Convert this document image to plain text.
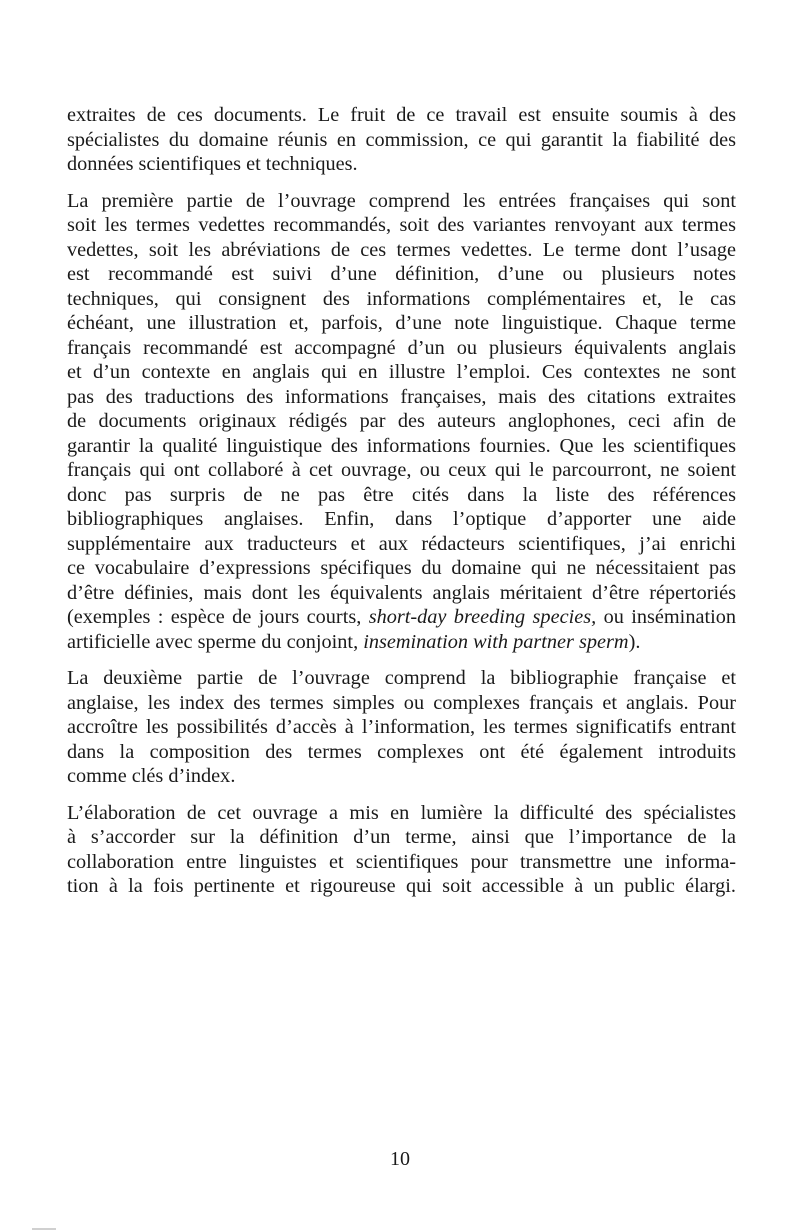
extraites de ces documents. Le fruit de ce travail est ensuite soumis à des
spécialistes du domaine réunis en commission, ce qui garantit la fiabilité des
données scientifiques et techniques.
La première partie de l’ouvrage comprend les entrées françaises qui sont
soit les termes vedettes recommandés, soit des variantes renvoyant aux termes
vedettes, soit les abréviations de ces termes vedettes. Le terme dont l’usage
est recommandé est suivi d’une définition, d’une ou plusieurs notes
techniques, qui consignent des informations complémentaires et, le cas
échéant, une illustration et, parfois, d’une note linguistique. Chaque terme
français recommandé est accompagné d’un ou plusieurs équivalents anglais
et d’un contexte en anglais qui en illustre l’emploi. Ces contextes ne sont
pas des traductions des informations françaises, mais des citations extraites
de documents originaux rédigés par des auteurs anglophones, ceci afin de
garantir la qualité linguistique des informations fournies. Que les scientifiques
français qui ont collaboré à cet ouvrage, ou ceux qui le parcourront, ne soient
donc pas surpris de ne pas être cités dans la liste des références
bibliographiques anglaises. Enfin, dans l’optique d’apporter une aide
supplémentaire aux traducteurs et aux rédacteurs scientifiques, j’ai enrichi
ce vocabulaire d’expressions spécifiques du domaine qui ne nécessitaient pas
d’être définies, mais dont les équivalents anglais méritaient d’être répertoriés
(exemples : espèce de jours courts, short-day breeding species, ou insémination
artificielle avec sperme du conjoint, insemination with partner sperm).
La deuxième partie de l’ouvrage comprend la bibliographie française et
anglaise, les index des termes simples ou complexes français et anglais. Pour
accroître les possibilités d’accès à l’information, les termes significatifs entrant
dans la composition des termes complexes ont été également introduits
comme clés d’index.
L’élaboration de cet ouvrage a mis en lumière la difficulté des spécialistes
à s’accorder sur la définition d’un terme, ainsi que l’importance de la
collaboration entre linguistes et scientifiques pour transmettre une informa-
tion à la fois pertinente et rigoureuse qui soit accessible à un public élargi.
10
